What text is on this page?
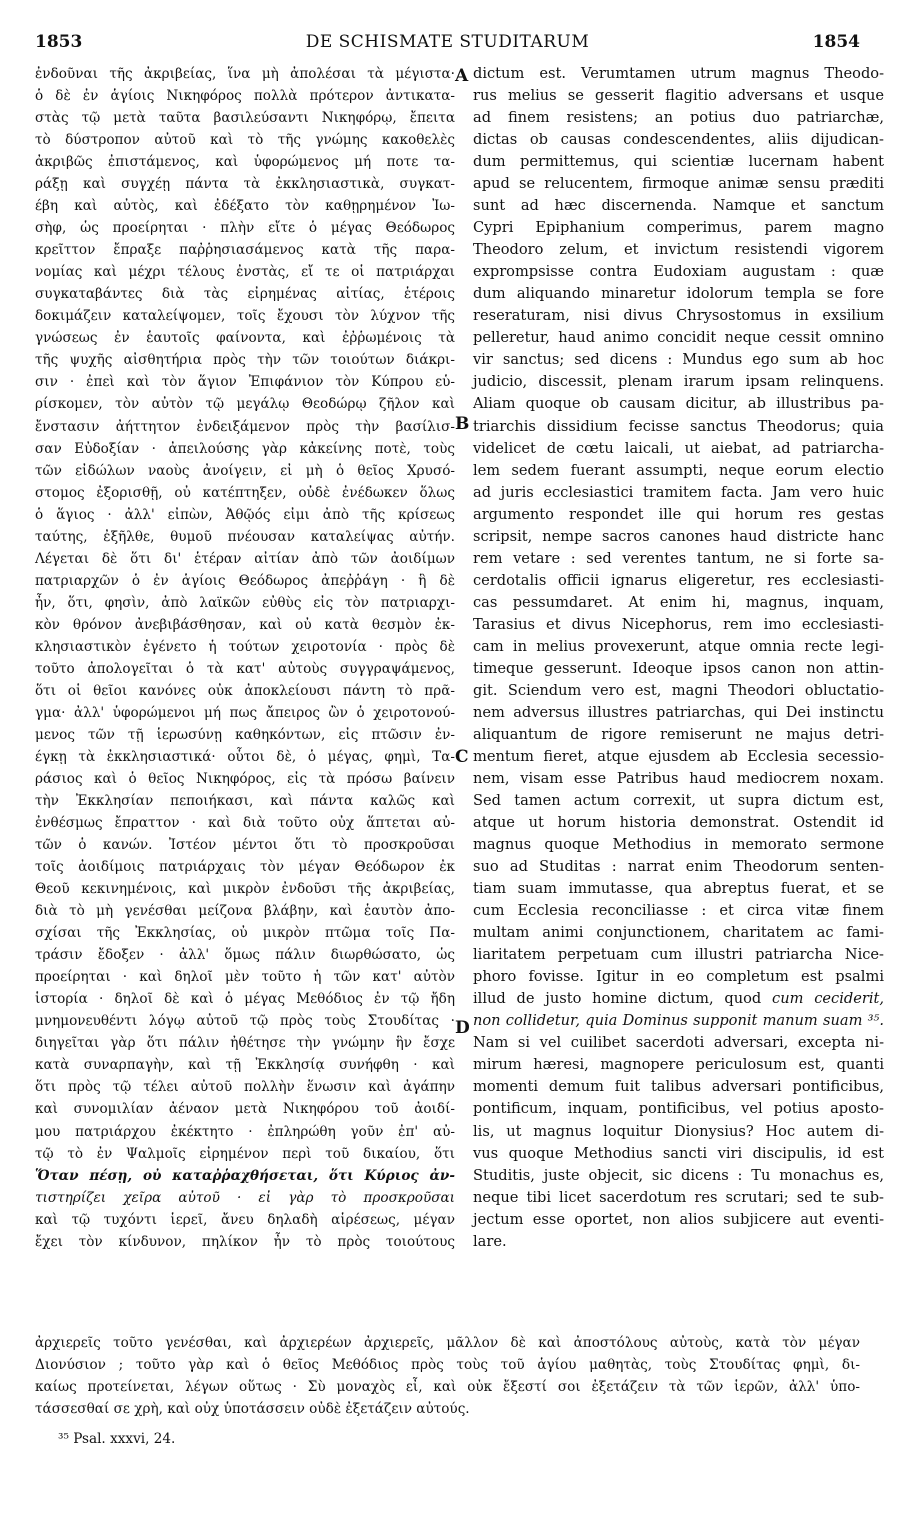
1853	DE SCHISMATE STUDITARUM	1854
ἐνδοῦναι τῆς ἀκριβείας, ἵνα μὴ ἀπολέσαι τὰ μέγιστα·
ὁ δὲ ἐν ἁγίοις Νικηφόρος πολλὰ πρότερον ἀντικατα-
στὰς τῷ μετὰ ταῦτα βασιλεύσαντι Νικηφόρῳ, ἔπειτα
τὸ δύστροπον αὐτοῦ καὶ τὸ τῆς γνώμης κακοθελὲς
ἀκριβῶς ἐπιστάμενος, καὶ ὑφορώμενος μή ποτε τα-
ράξῃ καὶ συγχέῃ πάντα τὰ ἐκκλησιαστικὰ, συγκατ-
έβη καὶ αὐτὸς, καὶ ἐδέξατο τὸν καθῃρημένον Ἰω-
σὴφ, ὡς προείρηται · πλὴν εἴτε ὁ μέγας Θεόδωρος
κρεῖττον ἔπραξε παῤῥησιασάμενος κατὰ τῆς παρα-
νομίας καὶ μέχρι τέλους ἐνστὰς, εἴ τε οἱ πατριάρχαι
συγκαταβάντες διὰ τὰς εἰρημένας αἰτίας, ἑτέροις
δοκιμάζειν καταλείψομεν, τοῖς ἔχουσι τὸν λύχνον τῆς
γνώσεως ἐν ἑαυτοῖς φαίνοντα, καὶ ἐῤῥωμένοις τὰ
τῆς ψυχῆς αἰσθητήρια πρὸς τὴν τῶν τοιούτων διάκρι-
σιν · ἐπεὶ καὶ τὸν ἅγιον Ἐπιφάνιον τὸν Κύπρου εὑ-
ρίσκομεν, τὸν αὐτὸν τῷ μεγάλῳ Θεοδώρῳ ζῆλον καὶ
ἔνστασιν ἀήττητον ἐνδειξάμενον πρὸς τὴν βασίλισ-
σαν Εὐδοξίαν · ἀπειλούσης γὰρ κἀκείνης ποτὲ, τοὺς
τῶν εἰδώλων ναοὺς ἀνοίγειν, εἰ μὴ ὁ θεῖος Χρυσό-
στομος ἐξορισθῇ, οὐ κατέπτηξεν, οὐδὲ ἐνέδωκεν ὅλως
ὁ ἅγιος · ἀλλ' εἰπὼν, Ἀθῷός εἰμι ἀπὸ τῆς κρίσεως
ταύτης, ἐξῆλθε, θυμοῦ πνέουσαν καταλείψας αὐτήν.
Λέγεται δὲ ὅτι δι' ἑτέραν αἰτίαν ἀπὸ τῶν ἀοιδίμων
πατριαρχῶν ὁ ἐν ἁγίοις Θεόδωρος ἀπεῤῥάγη · ἣ δὲ
ἦν, ὅτι, φησὶν, ἀπὸ λαϊκῶν εὐθὺς εἰς τὸν πατριαρχι-
κὸν θρόνον ἀνεβιβάσθησαν, καὶ οὐ κατὰ θεσμὸν ἐκ-
κλησιαστικὸν ἐγένετο ἡ τούτων χειροτονία · πρὸς δὲ
τοῦτο ἀπολογεῖται ὁ τὰ κατ' αὐτοὺς συγγραψάμενος,
ὅτι οἱ θεῖοι κανόνες οὐκ ἀποκλείουσι πάντη τὸ πρᾶ-
γμα· ἀλλ' ὑφορώμενοι μή πως ἄπειρος ὢν ὁ χειροτονού-
μενος τῶν τῇ ἱερωσύνῃ καθηκόντων, εἰς πτῶσιν ἐν-
έγκῃ τὰ ἐκκλησιαστικά· οὗτοι δὲ, ὁ μέγας, φημὶ, Τα-
ράσιος καὶ ὁ θεῖος Νικηφόρος, εἰς τὰ πρόσω βαίνειν
τὴν Ἐκκλησίαν πεποιήκασι, καὶ πάντα καλῶς καὶ
ἐνθέσμως ἔπραττον · καὶ διὰ τοῦτο οὐχ ἅπτεται αὐ-
τῶν ὁ κανών. Ἰστέον μέντοι ὅτι τὸ προσκροῦσαι
τοῖς ἀοιδίμοις πατριάρχαις τὸν μέγαν Θεόδωρον ἐκ
Θεοῦ κεκινημένοις, καὶ μικρὸν ἐνδοῦσι τῆς ἀκριβείας,
διὰ τὸ μὴ γενέσθαι μείζονα βλάβην, καὶ ἑαυτὸν ἀπο-
σχίσαι τῆς Ἐκκλησίας, οὐ μικρὸν πτῶμα τοῖς Πα-
τράσιν ἔδοξεν · ἀλλ' ὅμως πάλιν διωρθώσατο, ὡς
προείρηται · καὶ δηλοῖ μὲν τοῦτο ἡ τῶν κατ' αὐτὸν
ἱστορία · δηλοῖ δὲ καὶ ὁ μέγας Μεθόδιος ἐν τῷ ἤδη
μνημονευθέντι λόγῳ αὐτοῦ τῷ πρὸς τοὺς Στουδίτας ·
διηγεῖται γὰρ ὅτι πάλιν ἠθέτησε τὴν γνώμην ἣν ἔσχε
κατὰ συναρπαγὴν, καὶ τῇ Ἐκκλησίᾳ συνήφθη · καὶ
ὅτι πρὸς τῷ τέλει αὐτοῦ πολλὴν ἕνωσιν καὶ ἀγάπην
καὶ συνομιλίαν ἀέναον μετὰ Νικηφόρου τοῦ ἀοιδί-
μου πατριάρχου ἐκέκτητο · ἐπληρώθη γοῦν ἐπ' αὐ-
τῷ τὸ ἐν Ψαλμοῖς εἰρημένον περὶ τοῦ δικαίου, ὅτι
Ὅταν πέσῃ, οὐ καταῤῥαχθήσεται, ὅτι Κύριος ἀν-
τιστηρίζει χεῖρα αὐτοῦ · εἰ γὰρ τὸ προσκροῦσαι
καὶ τῷ τυχόντι ἱερεῖ, ἄνευ δηλαδὴ αἱρέσεως, μέγαν
ἔχει τὸν κίνδυνον, πηλίκον ἦν τὸ πρὸς τοιούτους
dictum est. Verumtamen utrum magnus Theodo-
rus melius se gesserit flagitio adversans et usque
ad finem resistens; an potius duo patriarchæ,
dictas ob causas condescendentes, aliis dijudican-
dum permittemus, qui scientiæ lucernam habent
apud se relucentem, firmoque animæ sensu præditi
sunt ad hæc discernenda. Namque et sanctum
Cypri Epiphanium comperimus, parem magno
Theodoro zelum, et invictum resistendi vigorem
exprompsisse contra Eudoxiam augustam : quæ
dum aliquando minaretur idolorum templa se fore
reseraturam, nisi divus Chrysostomus in exsilium
pelleretur, haud animo concidit neque cessit omnino
vir sanctus; sed dicens : Mundus ego sum ab hoc
judicio, discessit, plenam irarum ipsam relinquens.
Aliam quoque ob causam dicitur, ab illustribus pa-
triarchis dissidium fecisse sanctus Theodorus; quia
videlicet de cœtu laicali, ut aiebat, ad patriarcha-
lem sedem fuerant assumpti, neque eorum electio
ad juris ecclesiastici tramitem facta. Jam vero huic
argumento respondet ille qui horum res gestas
scripsit, nempe sacros canones haud districte hanc
rem vetare : sed verentes tantum, ne si forte sa-
cerdotalis officii ignarus eligeretur, res ecclesiasti-
cas pessumdaret. At enim hi, magnus, inquam,
Tarasius et divus Nicephorus, rem imo ecclesiasti-
cam in melius provexerunt, atque omnia recte legi-
timeque gesserunt. Ideoque ipsos canon non attin-
git. Sciendum vero est, magni Theodori obluctatio-
nem adversus illustres patriarchas, qui Dei instinctu
aliquantum de rigore remiserunt ne majus detri-
mentum fieret, atque ejusdem ab Ecclesia secessio-
nem, visam esse Patribus haud mediocrem noxam.
Sed tamen actum correxit, ut supra dictum est,
atque ut horum historia demonstrat. Ostendit id
magnus quoque Methodius in memorato sermone
suo ad Studitas : narrat enim Theodorum senten-
tiam suam immutasse, qua abreptus fuerat, et se
cum Ecclesia reconciliasse : et circa vitæ finem
multam animi conjunctionem, charitatem ac fami-
liaritatem perpetuam cum illustri patriarcha Nice-
phoro fovisse. Igitur in eo completum est psalmi
illud de justo homine dictum, quod cum ceciderit,
non collidetur, quia Dominus supponit manum suam ³⁵.
Nam si vel cuilibet sacerdoti adversari, excepta ni-
mirum hæresi, magnopere periculosum est, quanti
momenti demum fuit talibus adversari pontificibus,
pontificum, inquam, pontificibus, vel potius aposto-
lis, ut magnus loquitur Dionysius? Hoc autem di-
vus quoque Methodius sancti viri discipulis, id est
Studitis, juste objecit, sic dicens : Tu monachus es,
neque tibi licet sacerdotum res scrutari; sed te sub-
jectum esse oportet, non alios subjicere aut eventi-
lare.
A
B
C
D
ἀρχιερεῖς τοῦτο γενέσθαι, καὶ ἀρχιερέων ἀρχιερεῖς, μᾶλλον δὲ καὶ ἀποστόλους αὐτοὺς, κατὰ τὸν μέγαν
Διονύσιον ; τοῦτο γὰρ καὶ ὁ θεῖος Μεθόδιος πρὸς τοὺς τοῦ ἁγίου μαθητὰς, τοὺς Στουδίτας φημὶ, δι-
καίως προτείνεται, λέγων οὕτως · Σὺ μοναχὸς εἶ, καὶ οὐκ ἔξεστί σοι ἐξετάζειν τὰ τῶν ἱερῶν, ἀλλ' ὑπο-
τάσσεσθαί σε χρὴ, καὶ οὐχ ὑποτάσσειν οὐδὲ ἐξετάζειν αὐτούς.
³⁵ Psal. xxxvi, 24.
